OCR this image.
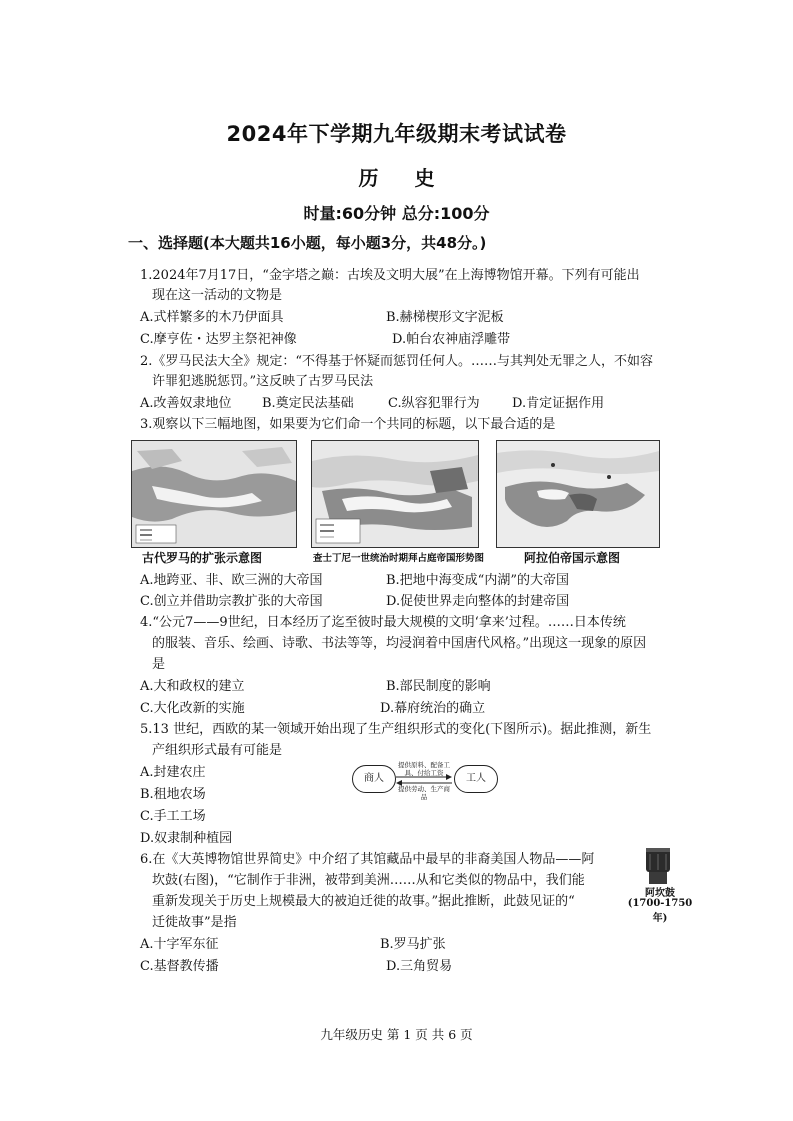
2024年下学期九年级期末考试试卷
历 史
时量:60分钟 总分:100分
一、选择题(本大题共16小题，每小题3分，共48分。)
1.2024年7月17日，“金字塔之巅：古埃及文明大展”在上海博物馆开幕。下列有可能出
现在这一活动的文物是
A.式样繁多的木乃伊面具	B.赫梯楔形文字泥板
C.摩亨佐・达罗主祭祀神像	D.帕台农神庙浮雕带
2.《罗马民法大全》规定：“不得基于怀疑而惩罚任何人。……与其判处无罪之人，不如容
许罪犯逃脱惩罚。”这反映了古罗马民法
A.改善奴隶地位 B.奠定民法基础	C.纵容犯罪行为 D.肯定证据作用
3.观察以下三幅地图，如果要为它们命一个共同的标题，以下最合适的是
古代罗马的扩张示意图	查士丁尼一世统治时期拜占庭帝国形势图	阿拉伯帝国示意图
A.地跨亚、非、欧三洲的大帝国	B.把地中海变成“内湖”的大帝国
C.创立并借助宗教扩张的大帝国	D.促使世界走向整体的封建帝国
4.“公元7——9世纪，日本经历了迄至彼时最大规模的文明‘拿来’过程。……日本传统
的服装、音乐、绘画、诗歌、书法等等，均浸润着中国唐代风格。”出现这一现象的原因
是
A.大和政权的建立	B.部民制度的影响
C.大化改新的实施	D.幕府统治的确立
5.13 世纪，西欧的某一领域开始出现了生产组织形式的变化(下图所示)。据此推测，新生
产组织形式最有可能是
A.封建农庄
B.租地农场
C.手工工场
D.奴隶制种植园
商人	工人
提供原料、配备工具、付给工资
提供劳动、生产商品
6.在《大英博物馆世界简史》中介绍了其馆藏品中最早的非裔美国人物品——阿
坎鼓(右图)，“它制作于非洲，被带到美洲……从和它类似的物品中，我们能
重新发现关于历史上规模最大的被迫迁徙的故事。”据此推断，此鼓见证的“
迁徙故事”是指
阿坎鼓
(1700-1750年)
A.十字军东征	B.罗马扩张
C.基督教传播	D.三角贸易
九年级历史 第 1 页 共 6 页
